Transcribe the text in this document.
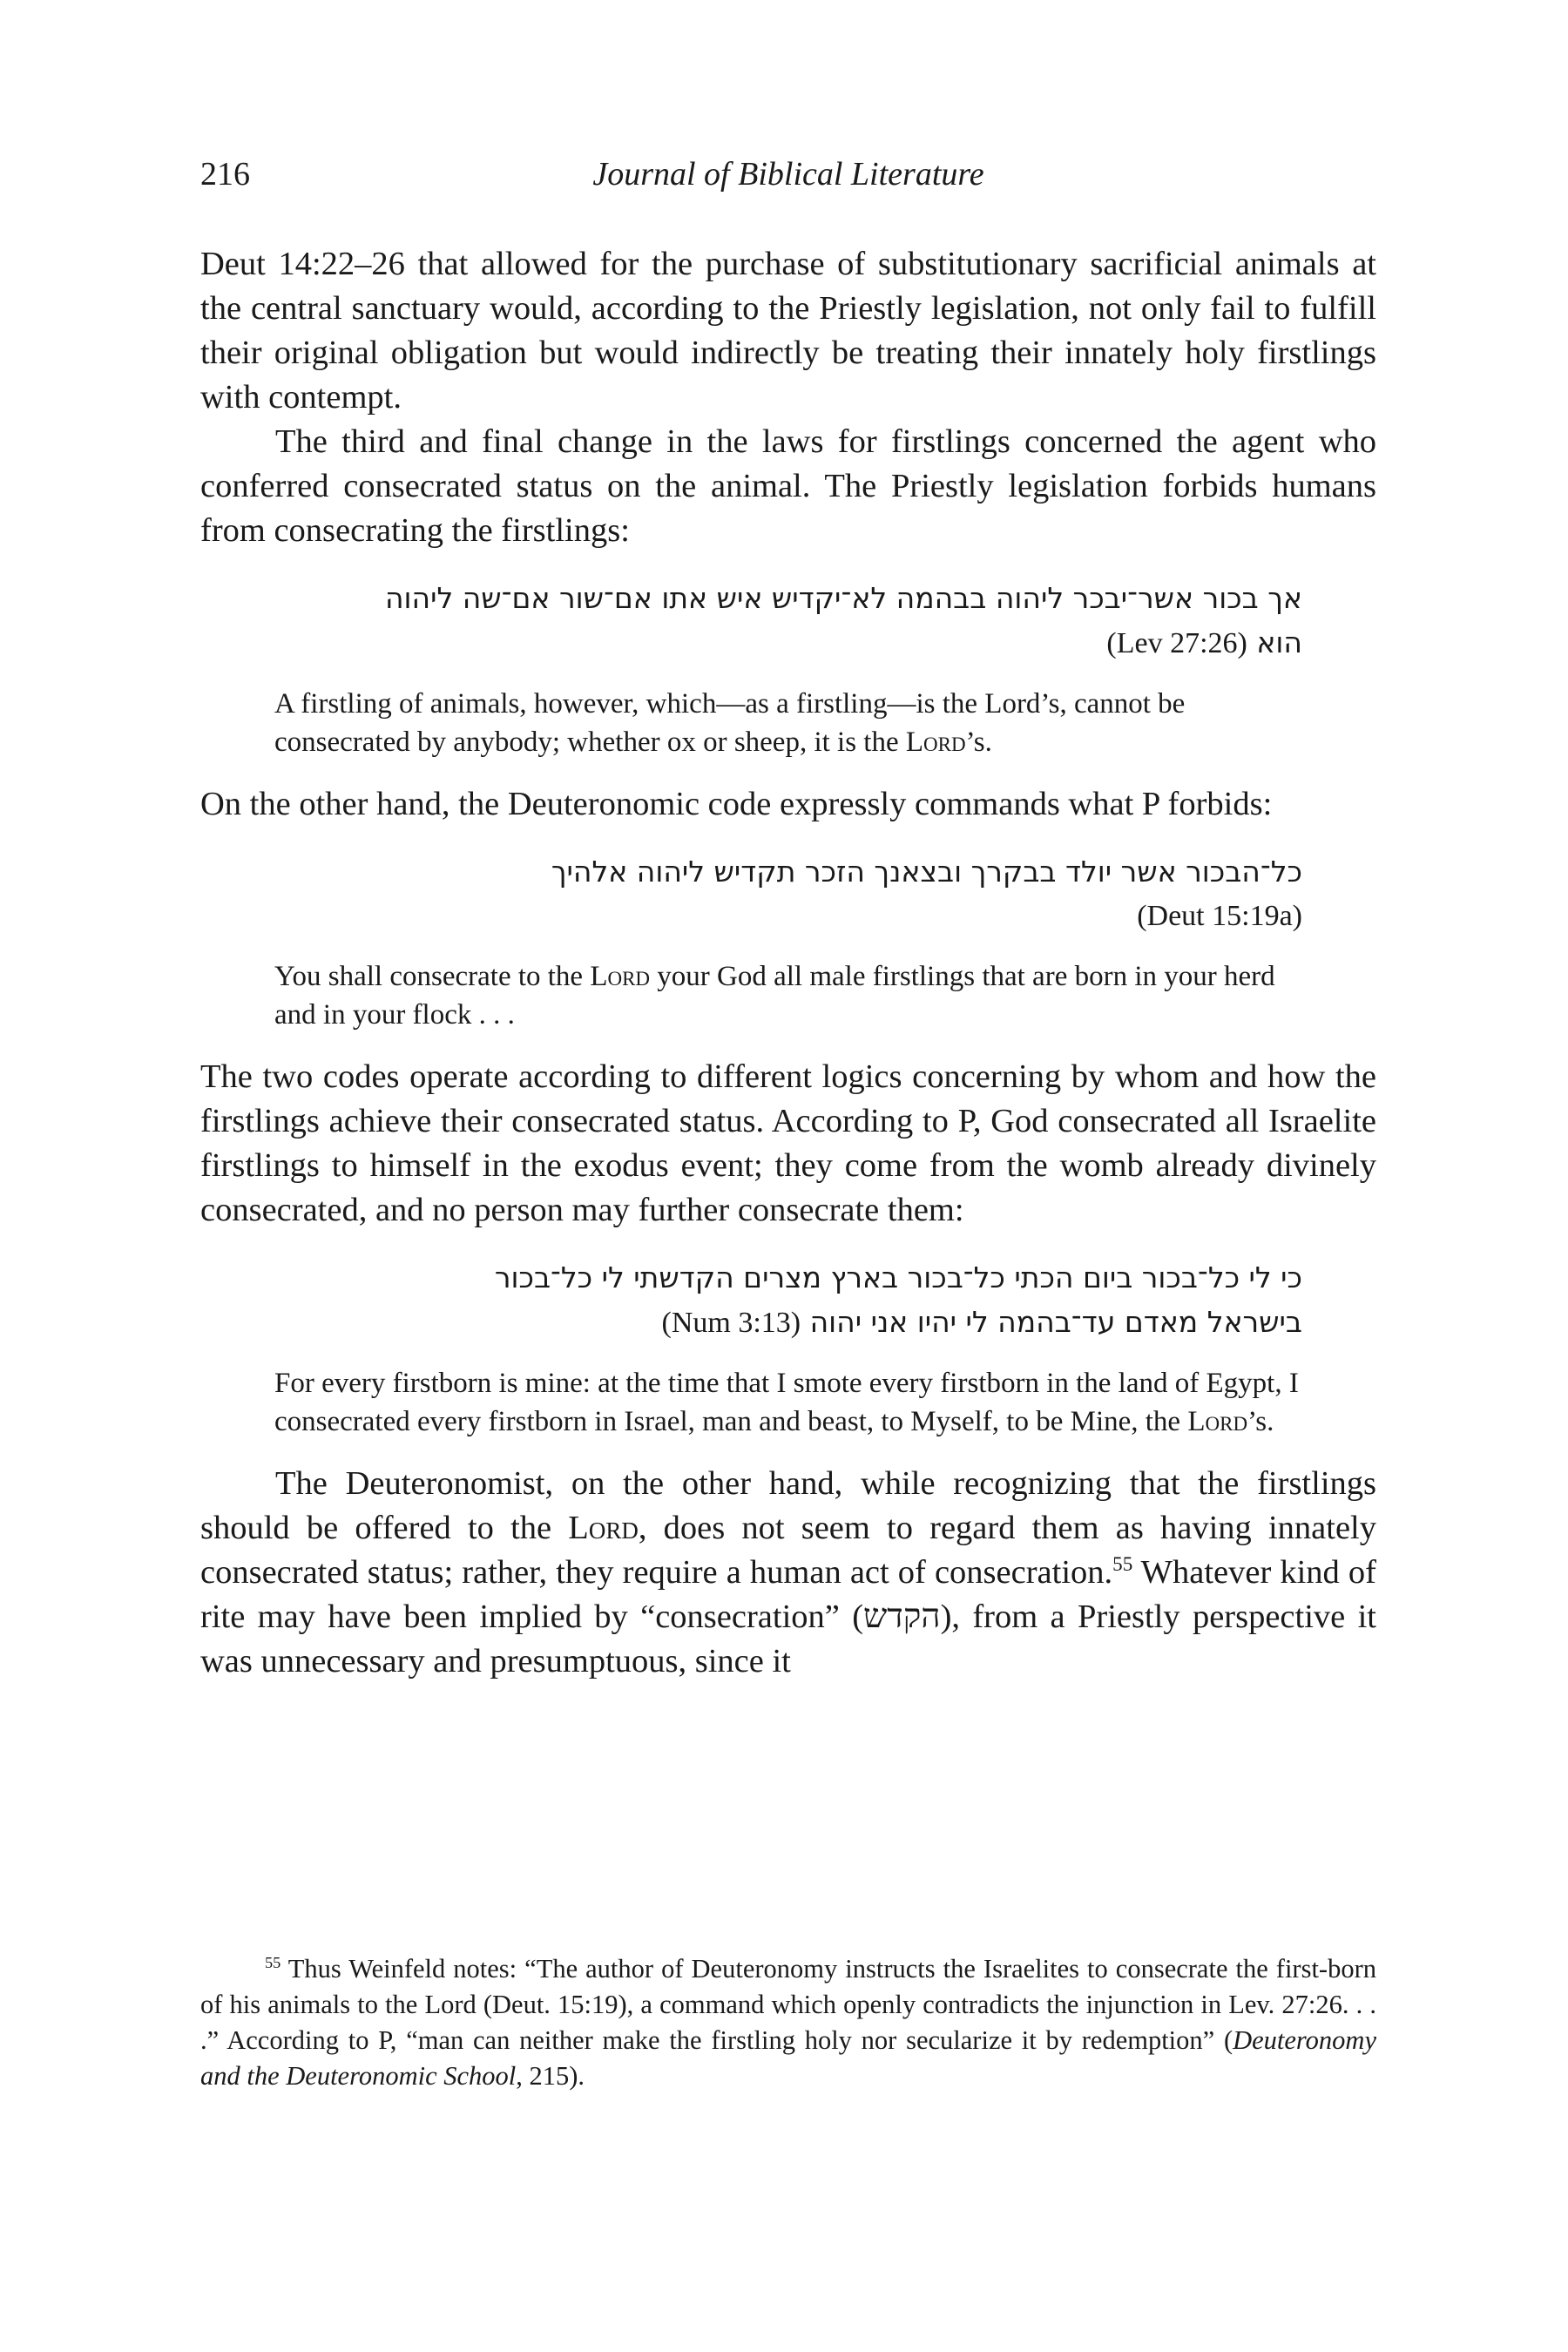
216	Journal of Biblical Literature

Deut 14:22–26 that allowed for the purchase of substitutionary sacrificial animals at the central sanctuary would, according to the Priestly legislation, not only fail to fulfill their original obligation but would indirectly be treating their innately holy firstlings with contempt.

The third and final change in the laws for firstlings concerned the agent who conferred consecrated status on the animal. The Priestly legislation forbids humans from consecrating the firstlings:

אך בכור אשר־יבכר ליהוה בבהמה לא־יקדיש איש אתו אם־שור אם־שה ליהוה
הוא (Lev 27:26)
A firstling of animals, however, which—as a firstling—is the Lord’s, cannot be consecrated by anybody; whether ox or sheep, it is the Lord’s.

On the other hand, the Deuteronomic code expressly commands what P forbids:

כל־הבכור אשר יולד בבקרך ובצאנך הזכר תקדיש ליהוה אלהיך
(Deut 15:19a)
You shall consecrate to the Lord your God all male firstlings that are born in your herd and in your flock . . .

The two codes operate according to different logics concerning by whom and how the firstlings achieve their consecrated status. According to P, God consecrated all Israelite firstlings to himself in the exodus event; they come from the womb already divinely consecrated, and no person may further consecrate them:

כי לי כל־בכור ביום הכתי כל־בכור בארץ מצרים הקדשתי לי כל־בכור
בישראל מאדם עד־בהמה לי יהיו אני יהוה (Num 3:13)
For every firstborn is mine: at the time that I smote every firstborn in the land of Egypt, I consecrated every firstborn in Israel, man and beast, to Myself, to be Mine, the Lord’s.

The Deuteronomist, on the other hand, while recognizing that the firstlings should be offered to the Lord, does not seem to regard them as having innately consecrated status; rather, they require a human act of consecration.$^{55}$ Whatever kind of rite may have been implied by “consecration” (הקדש), from a Priestly perspective it was unnecessary and presumptuous, since it

$^{55}$ Thus Weinfeld notes: “The author of Deuteronomy instructs the Israelites to consecrate the first-born of his animals to the Lord (Deut. 15:19), a command which openly contradicts the injunction in Lev. 27:26. . . .” According to P, “man can neither make the firstling holy nor secularize it by redemption” (Deuteronomy and the Deuteronomic School, 215).
